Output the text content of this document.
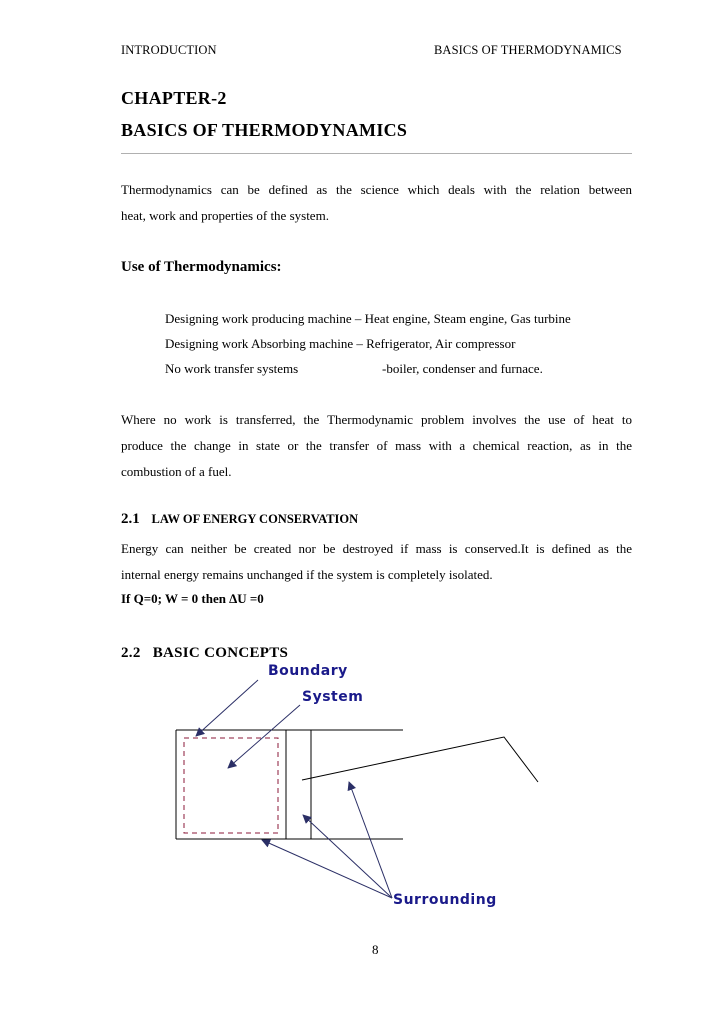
INTRODUCTION	BASICS OF THERMODYNAMICS
CHAPTER-2
BASICS OF THERMODYNAMICS
Thermodynamics can be defined as the science which deals with the relation between
heat, work and properties of the system.
Use of Thermodynamics:
Designing work producing machine – Heat engine, Steam engine, Gas turbine
Designing work Absorbing machine – Refrigerator, Air compressor
No work transfer systems	-boiler, condenser and furnace.
Where no work is transferred, the Thermodynamic problem involves the use of heat to
produce the change in state or the transfer of mass with a chemical reaction, as in the
combustion of a fuel.
2.1 LAW OF ENERGY CONSERVATION
Energy can neither be created nor be destroyed if mass is conserved.It is defined as the
internal energy remains unchanged if the system is completely isolated.
If Q=0; W = 0 then ∆U =0
2.2 BASIC CONCEPTS
Boundary
System
Surrounding
8
